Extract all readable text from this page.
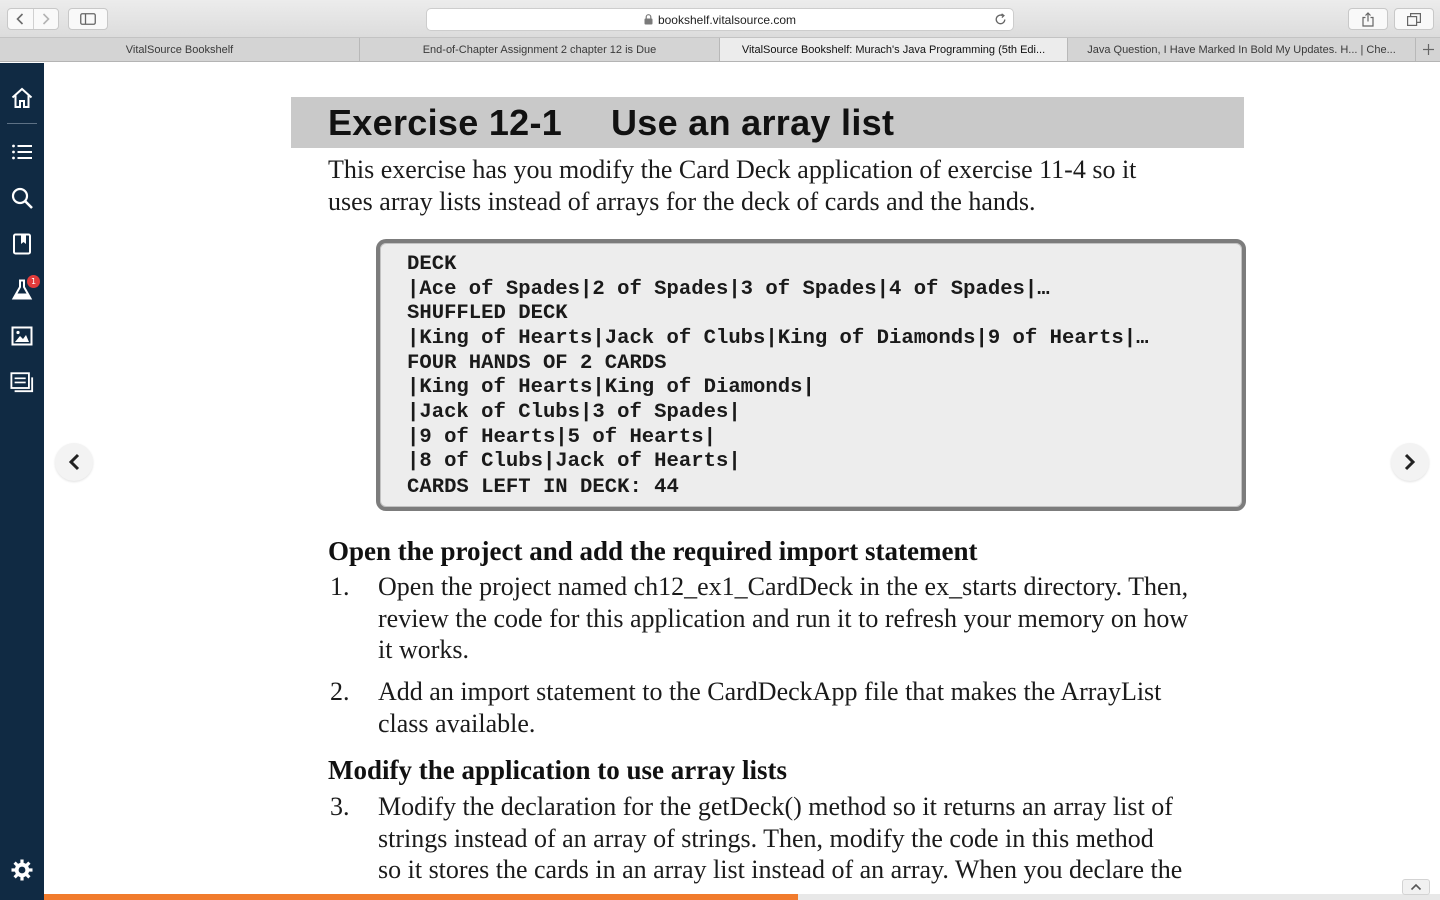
bookshelf.vitalsource.com
VitalSource Bookshelf	End-of-Chapter Assignment 2 chapter 12 is Due	VitalSource Bookshelf: Murach's Java Programming (5th Edi...	Java Question, I Have Marked In Bold My Updates. H... | Che...
1
Exercise 12-1 Use an array list
This exercise has you modify the Card Deck application of exercise 11-4 so it
uses array lists instead of arrays for the deck of cards and the hands.
DECK
|Ace of Spades|2 of Spades|3 of Spades|4 of Spades|…
SHUFFLED DECK
|King of Hearts|Jack of Clubs|King of Diamonds|9 of Hearts|…
FOUR HANDS OF 2 CARDS
|King of Hearts|King of Diamonds|
|Jack of Clubs|3 of Spades|
|9 of Hearts|5 of Hearts|
|8 of Clubs|Jack of Hearts|
CARDS LEFT IN DECK: 44
Open the project and add the required import statement
1. Open the project named ch12_ex1_CardDeck in the ex_starts directory. Then,
review the code for this application and run it to refresh your memory on how
it works.
2. Add an import statement to the CardDeckApp file that makes the ArrayList
class available.
Modify the application to use array lists
3. Modify the declaration for the getDeck() method so it returns an array list of
strings instead of an array of strings. Then, modify the code in this method
so it stores the cards in an array list instead of an array. When you declare the
